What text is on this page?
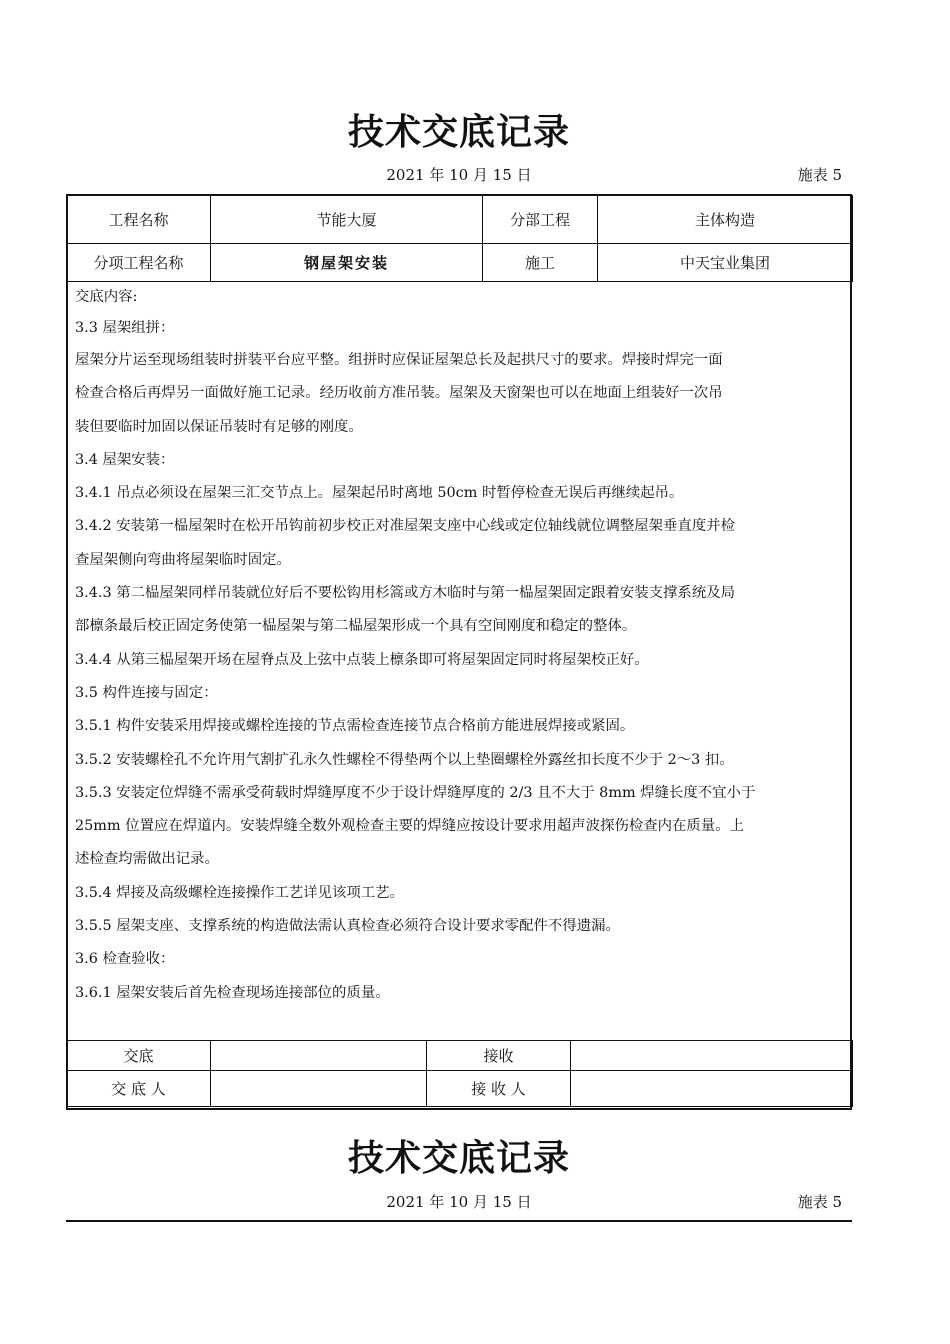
技术交底记录
2021 年 10 月 15 日	施表 5
工程名称	节能大厦	分部工程	主体构造
分项工程名称	钢屋架安装	施工	中天宝业集团
交底内容:
3.3 屋架组拼：
屋架分片运至现场组装时拼装平台应平整。组拼时应保证屋架总长及起拱尺寸的要求。焊接时焊完一面
检查合格后再焊另一面做好施工记录。经历收前方准吊装。屋架及天窗架也可以在地面上组装好一次吊
装但要临时加固以保证吊装时有足够的刚度。
3.4 屋架安装：
3.4.1 吊点必须设在屋架三汇交节点上。屋架起吊时离地 50cm 时暂停检查无误后再继续起吊。
3.4.2 安装第一榀屋架时在松开吊钩前初步校正对准屋架支座中心线或定位轴线就位调整屋架垂直度并检
查屋架侧向弯曲将屋架临时固定。
3.4.3 第二榀屋架同样吊装就位好后不要松钩用杉篙或方木临时与第一榀屋架固定跟着安装支撑系统及局
部檩条最后校正固定务使第一榀屋架与第二榀屋架形成一个具有空间刚度和稳定的整体。
3.4.4 从第三榀屋架开场在屋脊点及上弦中点装上檩条即可将屋架固定同时将屋架校正好。
3.5 构件连接与固定：
3.5.1 构件安装采用焊接或螺栓连接的节点需检查连接节点合格前方能进展焊接或紧固。
3.5.2 安装螺栓孔不允许用气割扩孔永久性螺栓不得垫两个以上垫圈螺栓外露丝扣长度不少于 2～3 扣。
3.5.3 安装定位焊缝不需承受荷载时焊缝厚度不少于设计焊缝厚度的 2/3 且不大于 8mm 焊缝长度不宜小于
25mm 位置应在焊道内。安装焊缝全数外观检查主要的焊缝应按设计要求用超声波探伤检查内在质量。上
述检查均需做出记录。
3.5.4 焊接及高级螺栓连接操作工艺详见该项工艺。
3.5.5 屋架支座、支撑系统的构造做法需认真检查必须符合设计要求零配件不得遗漏。
3.6 检查验收：
3.6.1 屋架安装后首先检查现场连接部位的质量。
交底		接收	
交 底 人		接 收 人	
技术交底记录
2021 年 10 月 15 日	施表 5
